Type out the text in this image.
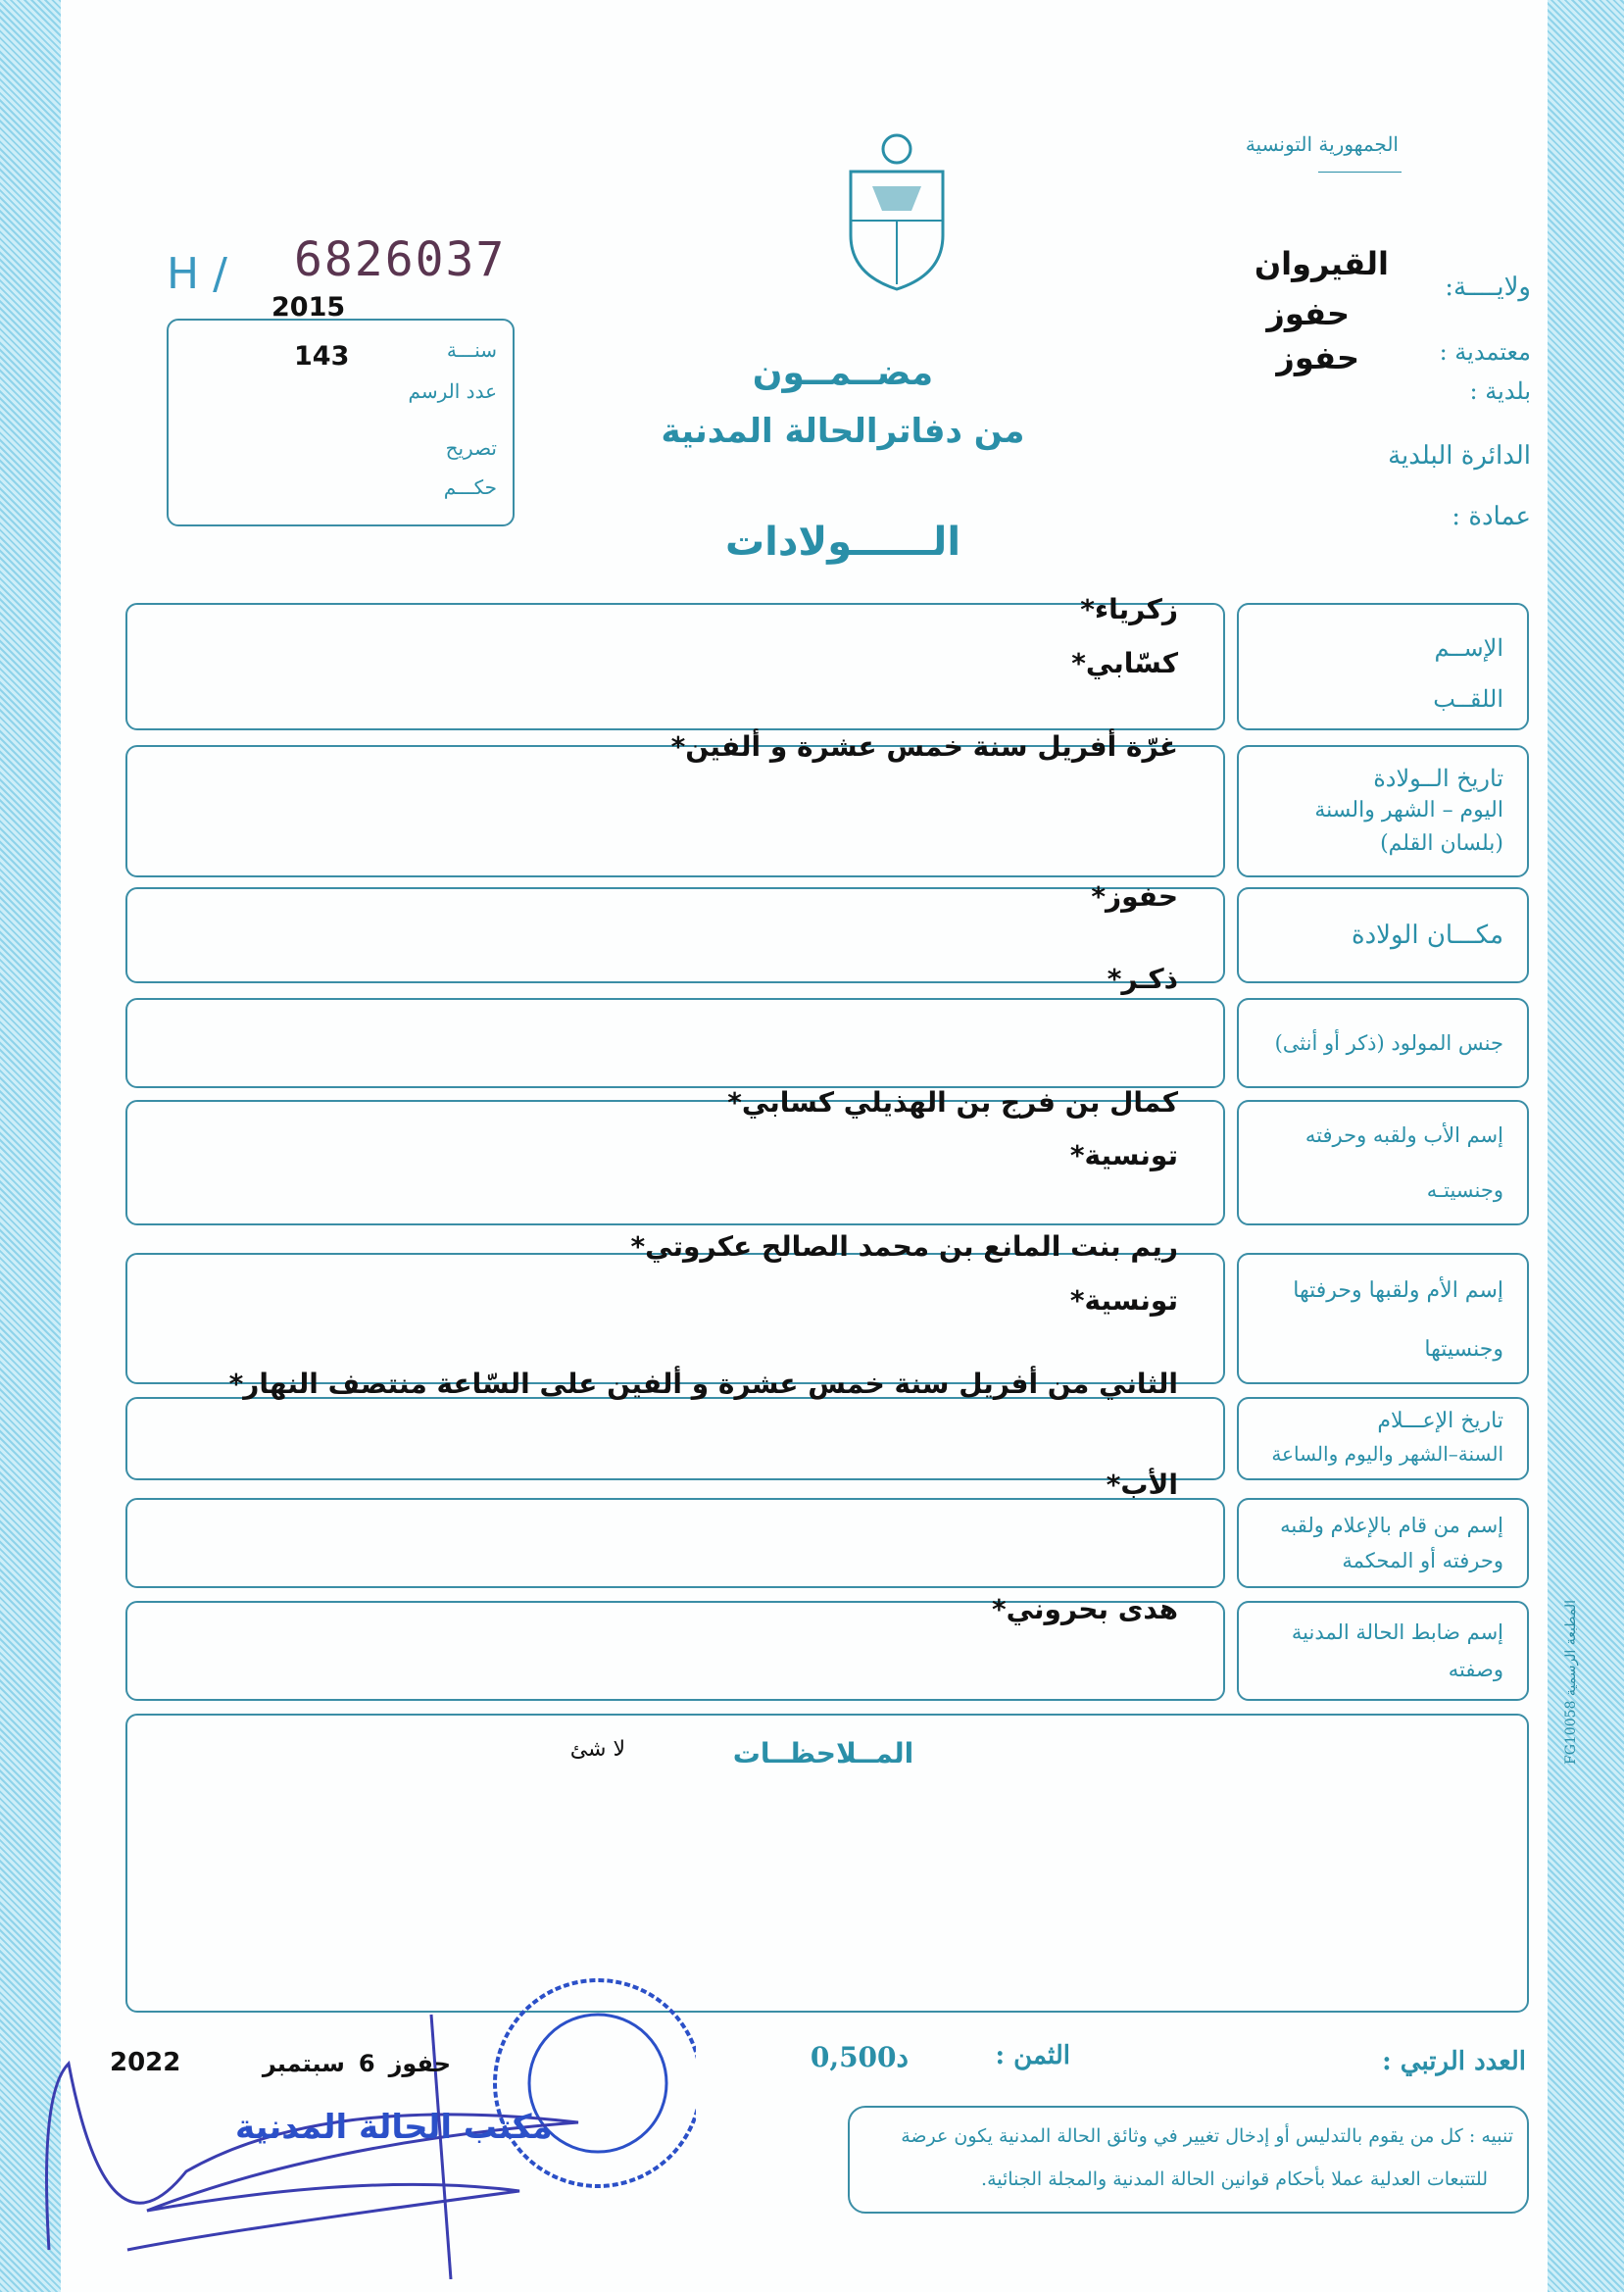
الجمهورية التونسية
ولايــــة:
القيروان
معتمدية :
حفوز
بلدية :
حفوز
الدائرة البلدية
عمادة :
H / 6826037
سنـــة
عدد الرسم
تصريح
حكـــم
2015
143	مضــمــون
من دفاترالحالة المدنية
الــــــولادات
الإســم
اللقــب
زكرياء*
كسّابي*
تاريخ الــولادة
اليوم – الشهر والسنة
(بلسان القلم)
غرّة أفريل سنة خمس عشرة و ألفين*
مكـــان الولادة
حفوز*
جنس المولود (ذكر أو أنثى)
ذكـر*
إسم الأب ولقبه وحرفته
وجنسيتـه
كمال بن فرج بن الهذيلي كسابي*
تونسية*
إسم الأم ولقبها وحرفتها
وجنسيتها
ريم بنت المانع بن محمد الصالح عكروتي*
تونسية*
تاريخ الإعـــلام
السنة–الشهر واليوم والساعة
الثاني من أفريل سنة خمس عشرة و ألفين على السّاعة منتصف النهار*
إسم من قام بالإعلام ولقبه
وحرفته أو المحكمة
الأب*
إسم ضابط الحالة المدنية
وصفته
هدى بحروني*
المــلاحظــات
لا شئ	المطبعة الرسمية FG10058
العدد الرتبي :
الثمن :
0,500د
مكتب الحالة المدنية
حفوز
6
سبتمبر
2022
تنبيه : كل من يقوم بالتدليس أو إدخال تغيير في وثائق الحالة المدنية يكون عرضة
للتتبعات العدلية عملا بأحكام قوانين الحالة المدنية والمجلة الجنائية.
